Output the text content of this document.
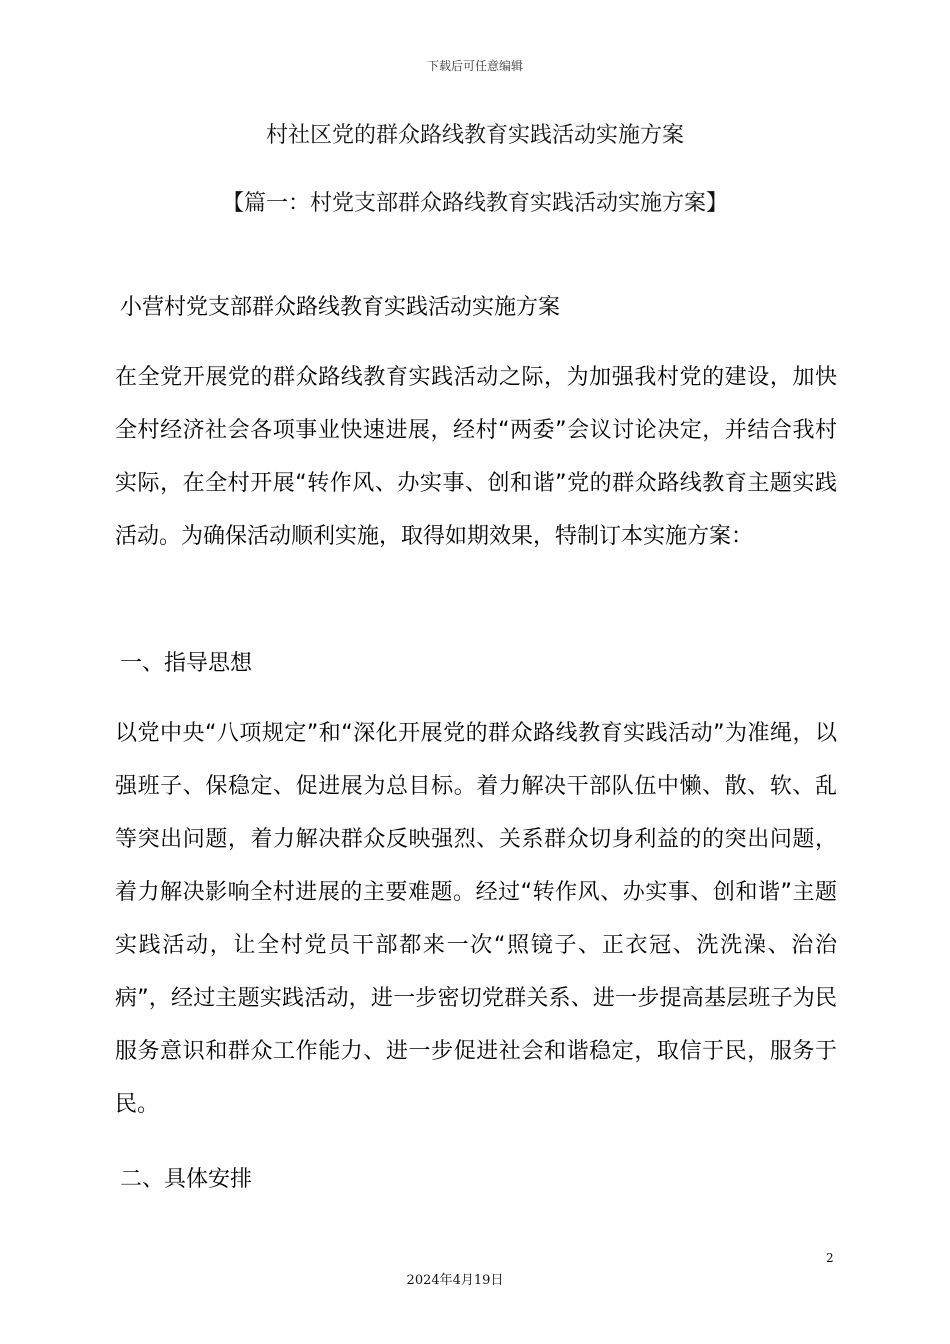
下载后可任意编辑
村社区党的群众路线教育实践活动实施方案
【篇一：村党支部群众路线教育实践活动实施方案】
小营村党支部群众路线教育实践活动实施方案

在全党开展党的群众路线教育实践活动之际，为加强我村党的建设，加快全村经济社会各项事业快速进展，经村“两委”会议讨论决定，并结合我村实际，在全村开展“转作风、办实事、创和谐”党的群众路线教育主题实践活动。为确保活动顺利实施，取得如期效果，特制订本实施方案：

一、指导思想

以党中央“八项规定”和“深化开展党的群众路线教育实践活动”为准绳，以强班子、保稳定、促进展为总目标。着力解决干部队伍中懒、散、软、乱等突出问题，着力解决群众反映强烈、关系群众切身利益的的突出问题，着力解决影响全村进展的主要难题。经过“转作风、办实事、创和谐”主题实践活动，让全村党员干部都来一次“照镜子、正衣冠、洗洗澡、治治病”，经过主题实践活动，进一步密切党群关系、进一步提高基层班子为民服务意识和群众工作能力、进一步促进社会和谐稳定，取信于民，服务于民。

二、具体安排
2
2024年4月19日
